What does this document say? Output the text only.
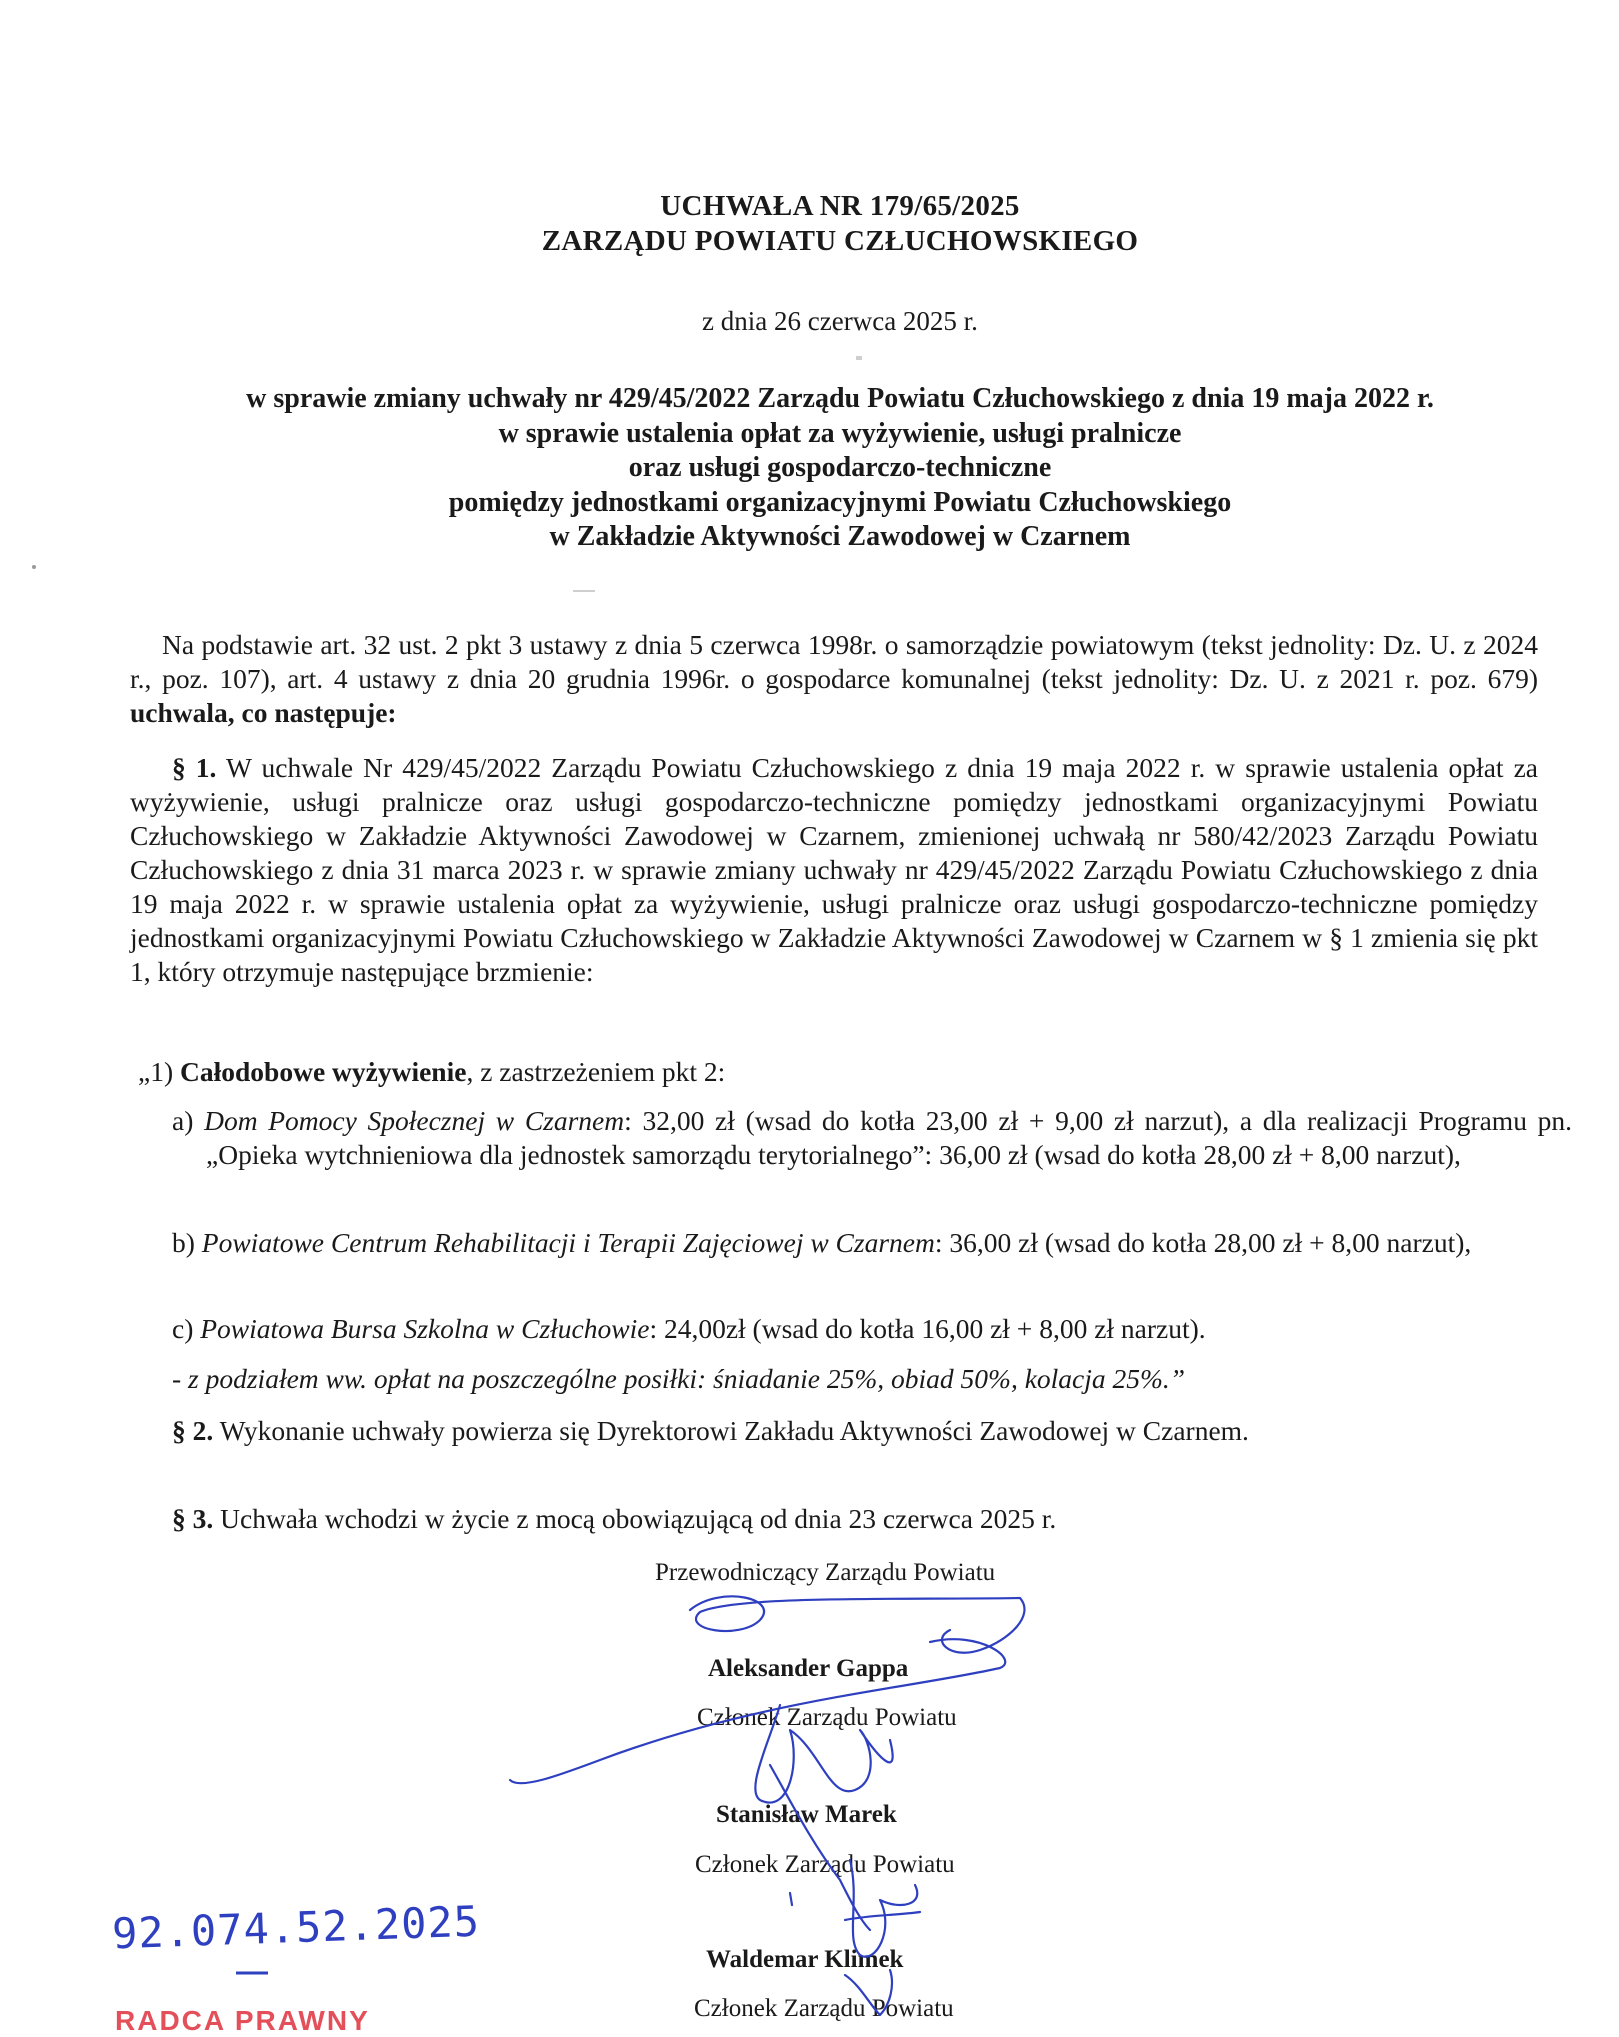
UCHWAŁA NR 179/65/2025
ZARZĄDU POWIATU CZŁUCHOWSKIEGO
z dnia 26 czerwca 2025 r.
w sprawie zmiany uchwały nr 429/45/2022 Zarządu Powiatu Człuchowskiego z dnia 19 maja 2022 r.
w sprawie ustalenia opłat za wyżywienie, usługi pralnicze
oraz usługi gospodarczo-techniczne
pomiędzy jednostkami organizacyjnymi Powiatu Człuchowskiego
w Zakładzie Aktywności Zawodowej w Czarnem
Na podstawie art. 32 ust. 2 pkt 3 ustawy z dnia 5 czerwca 1998r. o samorządzie powiatowym (tekst jednolity: Dz. U. z 2024 r., poz. 107), art. 4 ustawy z dnia 20 grudnia 1996r. o gospodarce komunalnej (tekst jednolity: Dz. U. z 2021 r. poz. 679) uchwala, co następuje:
§ 1. W uchwale Nr 429/45/2022 Zarządu Powiatu Człuchowskiego z dnia 19 maja 2022 r. w sprawie ustalenia opłat za wyżywienie, usługi pralnicze oraz usługi gospodarczo-techniczne pomiędzy jednostkami organizacyjnymi Powiatu Człuchowskiego w Zakładzie Aktywności Zawodowej w Czarnem, zmienionej uchwałą nr 580/42/2023 Zarządu Powiatu Człuchowskiego z dnia 31 marca 2023 r. w sprawie zmiany uchwały nr 429/45/2022 Zarządu Powiatu Człuchowskiego z dnia 19 maja 2022 r. w sprawie ustalenia opłat za wyżywienie, usługi pralnicze oraz usługi gospodarczo-techniczne pomiędzy jednostkami organizacyjnymi Powiatu Człuchowskiego w Zakładzie Aktywności Zawodowej w Czarnem w § 1 zmienia się pkt 1, który otrzymuje następujące brzmienie:
„1) Całodobowe wyżywienie, z zastrzeżeniem pkt 2:
a) Dom Pomocy Społecznej w Czarnem: 32,00 zł (wsad do kotła 23,00 zł + 9,00 zł narzut), a dla realizacji Programu pn. „Opieka wytchnieniowa dla jednostek samorządu terytorialnego”: 36,00 zł (wsad do kotła 28,00 zł + 8,00 narzut),
b) Powiatowe Centrum Rehabilitacji i Terapii Zajęciowej w Czarnem: 36,00 zł (wsad do kotła 28,00 zł + 8,00 narzut),
c) Powiatowa Bursa Szkolna w Człuchowie: 24,00zł (wsad do kotła 16,00 zł + 8,00 zł narzut).
- z podziałem ww. opłat na poszczególne posiłki: śniadanie 25%, obiad 50%, kolacja 25%.”
§ 2. Wykonanie uchwały powierza się Dyrektorowi Zakładu Aktywności Zawodowej w Czarnem.
§ 3. Uchwała wchodzi w życie z mocą obowiązującą od dnia 23 czerwca 2025 r.
Przewodniczący Zarządu Powiatu
Aleksander Gappa
Członek Zarządu Powiatu
Stanisław Marek
Członek Zarządu Powiatu
Waldemar Klimek
Członek Zarządu Powiatu
92.074.52.2025
RADCA PRAWNY
